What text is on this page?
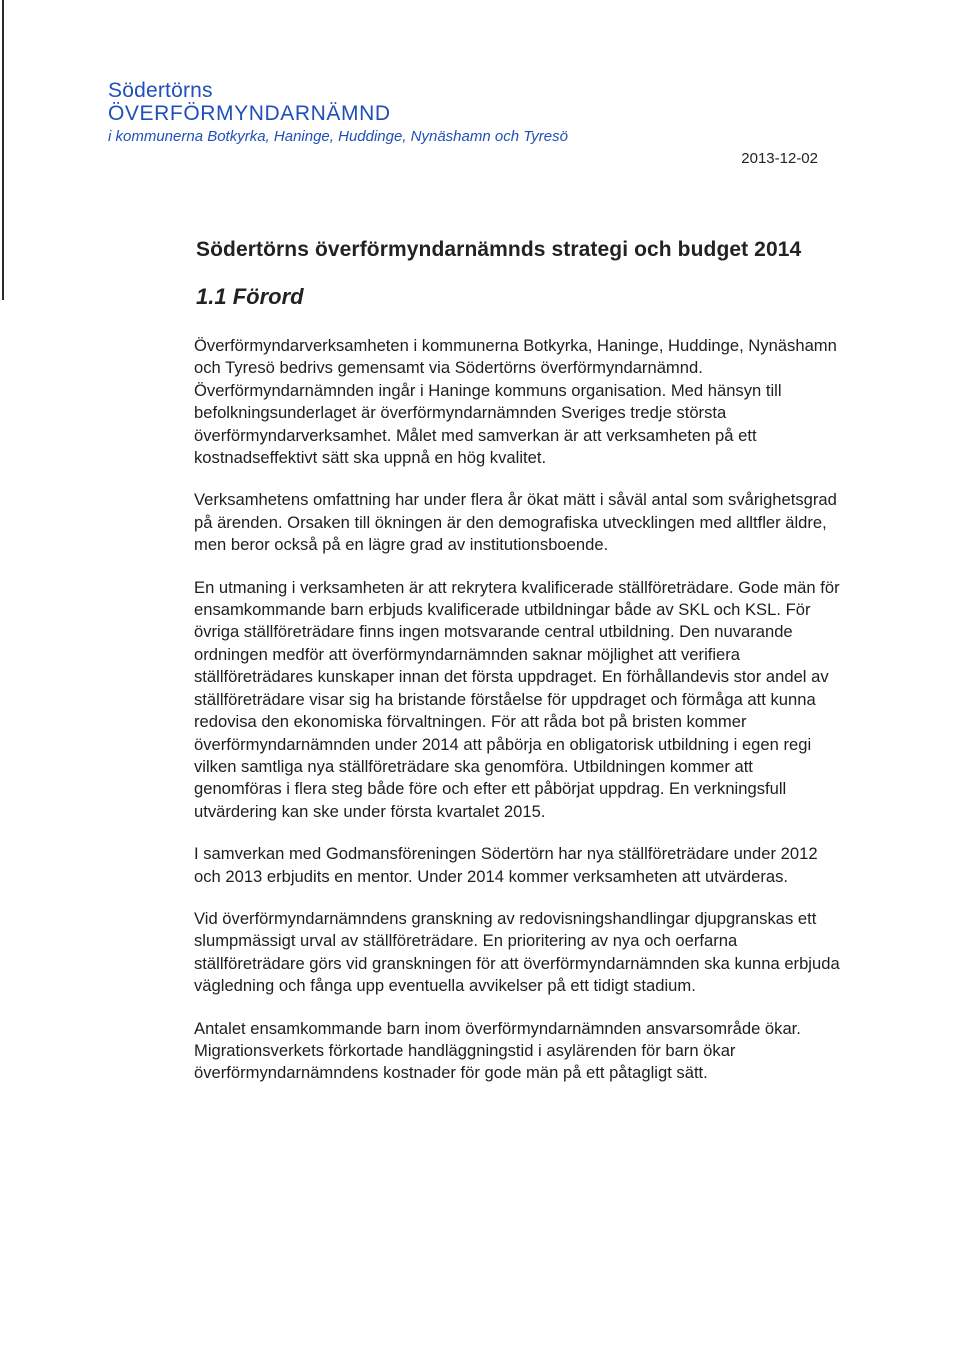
Södertörns
ÖVERFÖRMYNDARNÄMND
i kommunerna Botkyrka, Haninge, Huddinge, Nynäshamn och Tyresö
2013-12-02
Södertörns överförmyndarnämnds strategi och budget 2014
1.1 Förord

Överförmyndarverksamheten i kommunerna Botkyrka, Haninge, Huddinge, Nynäshamn och Tyresö bedrivs gemensamt via Södertörns överförmyndarnämnd. Överförmyndarnämnden ingår i Haninge kommuns organisation. Med hänsyn till befolkningsunderlaget är överförmyndarnämnden Sveriges tredje största överförmyndarverksamhet. Målet med samverkan är att verksamheten på ett kostnadseffektivt sätt ska uppnå en hög kvalitet.

Verksamhetens omfattning har under flera år ökat mätt i såväl antal som svårighetsgrad på ärenden. Orsaken till ökningen är den demografiska utvecklingen med alltfler äldre, men beror också på en lägre grad av institutionsboende.

En utmaning i verksamheten är att rekrytera kvalificerade ställföreträdare. Gode män för ensamkommande barn erbjuds kvalificerade utbildningar både av SKL och KSL. För övriga ställföreträdare finns ingen motsvarande central utbildning. Den nuvarande ordningen medför att överförmyndarnämnden saknar möjlighet att verifiera ställföreträdares kunskaper innan det första uppdraget. En förhållandevis stor andel av ställföreträdare visar sig ha bristande förståelse för uppdraget och förmåga att kunna redovisa den ekonomiska förvaltningen. För att råda bot på bristen kommer överförmyndarnämnden under 2014 att påbörja en obligatorisk utbildning i egen regi vilken samtliga nya ställföreträdare ska genomföra. Utbildningen kommer att genomföras i flera steg både före och efter ett påbörjat uppdrag. En verkningsfull utvärdering kan ske under första kvartalet 2015.

I samverkan med Godmansföreningen Södertörn har nya ställföreträdare under 2012 och 2013 erbjudits en mentor. Under 2014 kommer verksamheten att utvärderas.

Vid överförmyndarnämndens granskning av redovisningshandlingar djupgranskas ett slumpmässigt urval av ställföreträdare. En prioritering av nya och oerfarna ställföreträdare görs vid granskningen för att överförmyndarnämnden ska kunna erbjuda vägledning och fånga upp eventuella avvikelser på ett tidigt stadium.

Antalet ensamkommande barn inom överförmyndarnämnden ansvarsområde ökar. Migrationsverkets förkortade handläggningstid i asylärenden för barn ökar överförmyndarnämndens kostnader för gode män på ett påtagligt sätt.
